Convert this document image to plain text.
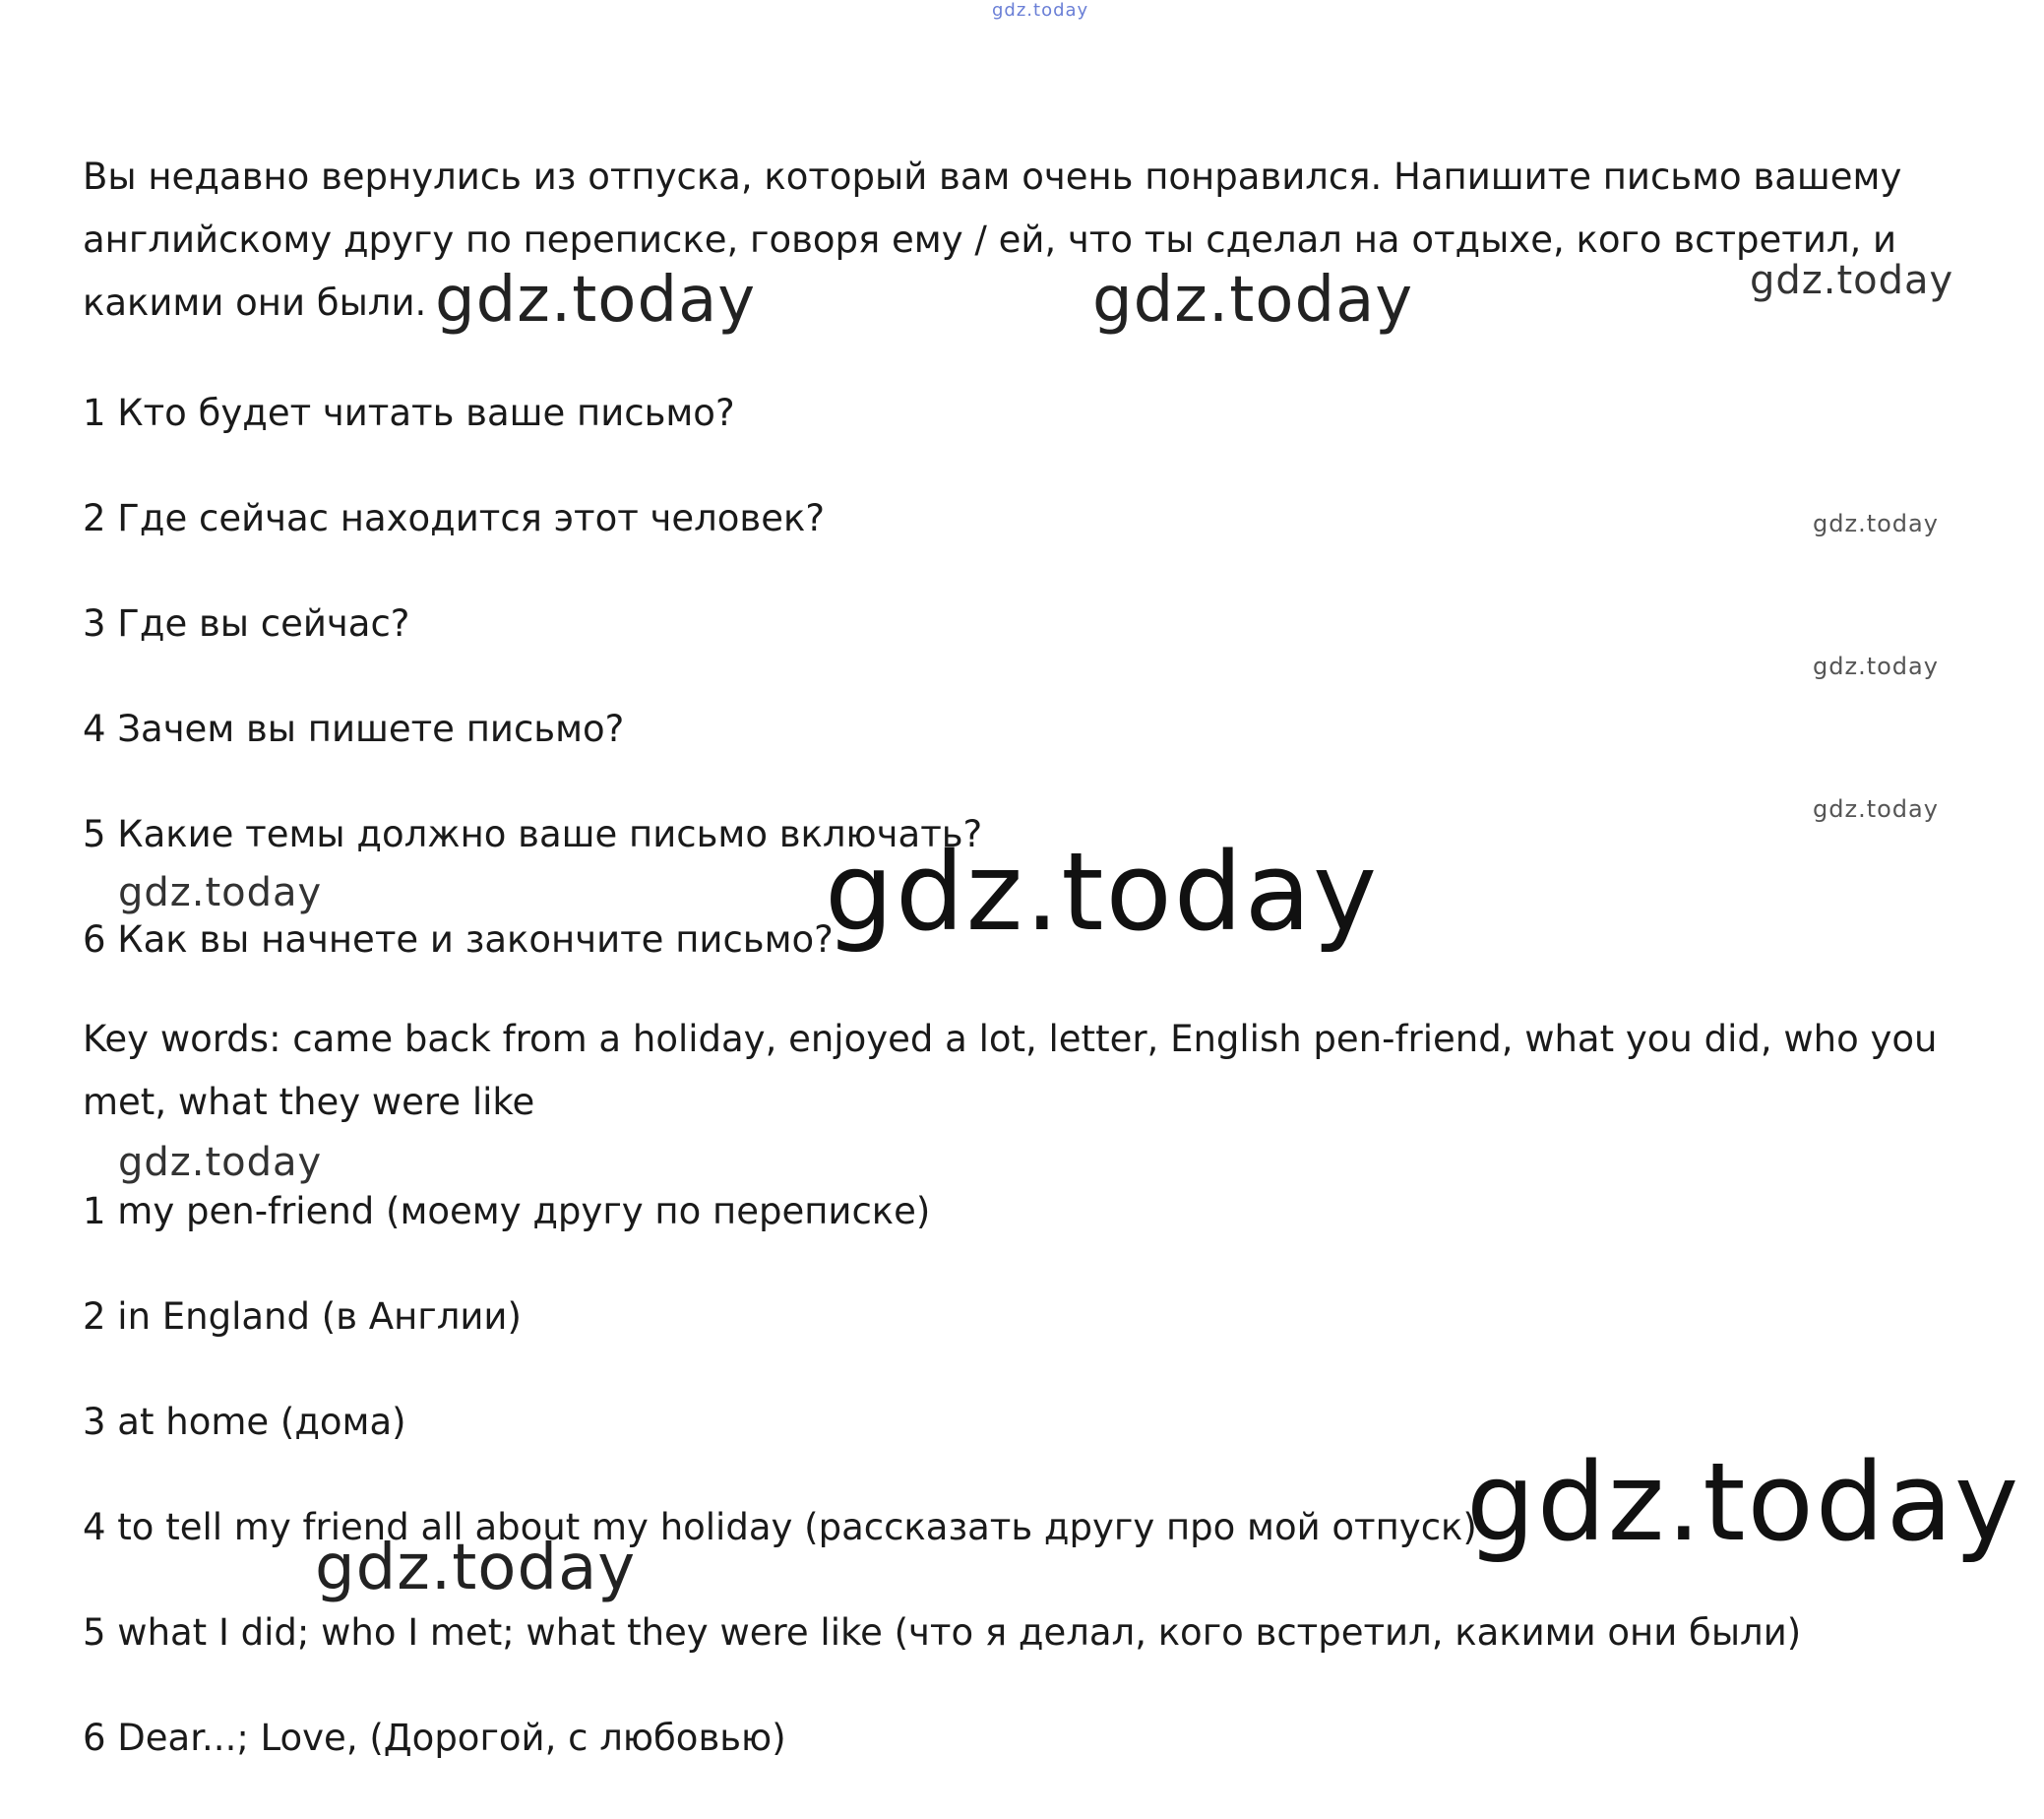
gdz.today
Вы недавно вернулись из отпуска, который вам очень понравился. Напишите письмо вашему английскому другу по переписке, говоря ему / ей, что ты сделал на отдыхе, кого встретил, и какими они были.
1 Кто будет читать ваше письмо?
2 Где сейчас находится этот человек?
3 Где вы сейчас?
4 Зачем вы пишете письмо?
5 Какие темы должно ваше письмо включать?
6 Как вы начнете и закончите письмо?
Key words: came back from a holiday, enjoyed a lot, letter, English pen-friend, what you did, who you met, what they were like
1 my pen-friend (моему другу по переписке)
2 in England (в Англии)
3 at home (дома)
4 to tell my friend all about my holiday (рассказать другу про мой отпуск)
5 what I did; who I met; what they were like (что я делал, кого встретил, какими они были)
6 Dear...; Love, (Дорогой, с любовью)
gdz.today	gdz.today	gdz.today
gdz.today
gdz.today
gdz.today
gdz.today	gdz.today
gdz.today
gdz.today
gdz.today
